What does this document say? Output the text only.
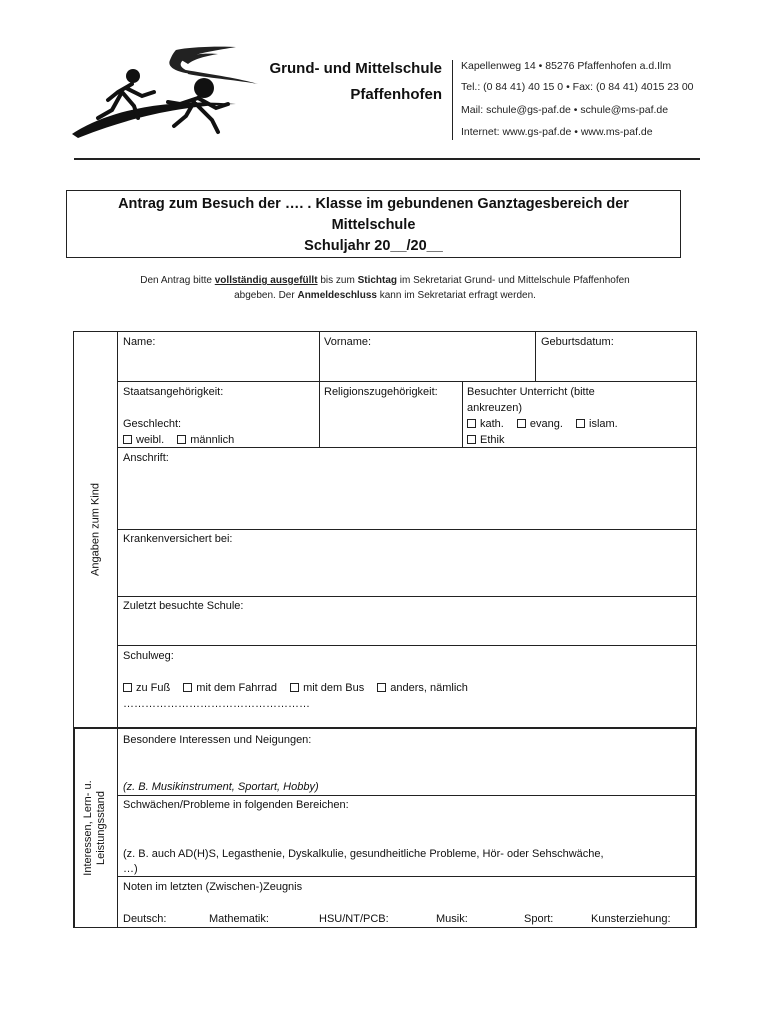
Grund- und Mittelschule
Pfaffenhofen
Kapellenweg 14 • 85276 Pfaffenhofen a.d.Ilm
Tel.: (0 84 41) 40 15 0 • Fax: (0 84 41) 4015 23 00
Mail: schule@gs-paf.de • schule@ms-paf.de
Internet: www.gs-paf.de • www.ms-paf.de
Antrag zum Besuch der …. . Klasse im gebundenen Ganztagesbereich der
Mittelschule
Schuljahr 20__/20__
Den Antrag bitte vollständig ausgefüllt bis zum Stichtag im Sekretariat Grund- und Mittelschule Pfaffenhofen
abgeben. Der Anmeldeschluss kann im Sekretariat erfragt werden.
Angaben zum Kind
Interessen, Lern- u. Leistungsstand
Name:	Vorname:	Geburtsdatum:
Staatsangehörigkeit:
Geschlecht:
weibl. männlich
Religionszugehörigkeit:	Besuchter Unterricht (bitte
ankreuzen)
kath. evang. islam.
Ethik
Anschrift:
Krankenversichert bei:
Zuletzt besuchte Schule:
Schulweg:
zu Fuß mit dem Fahrrad mit dem Bus anders, nämlich
……………………………………………
Besondere Interessen und Neigungen:
(z. B. Musikinstrument, Sportart, Hobby)
Schwächen/Probleme in folgenden Bereichen:
(z. B. auch AD(H)S, Legasthenie, Dyskalkulie, gesundheitliche Probleme, Hör- oder Sehschwäche,
…)
Noten im letzten (Zwischen-)Zeugnis
Deutsch:	Mathematik:	HSU/NT/PCB:	Musik:	Sport:	Kunsterziehung:
